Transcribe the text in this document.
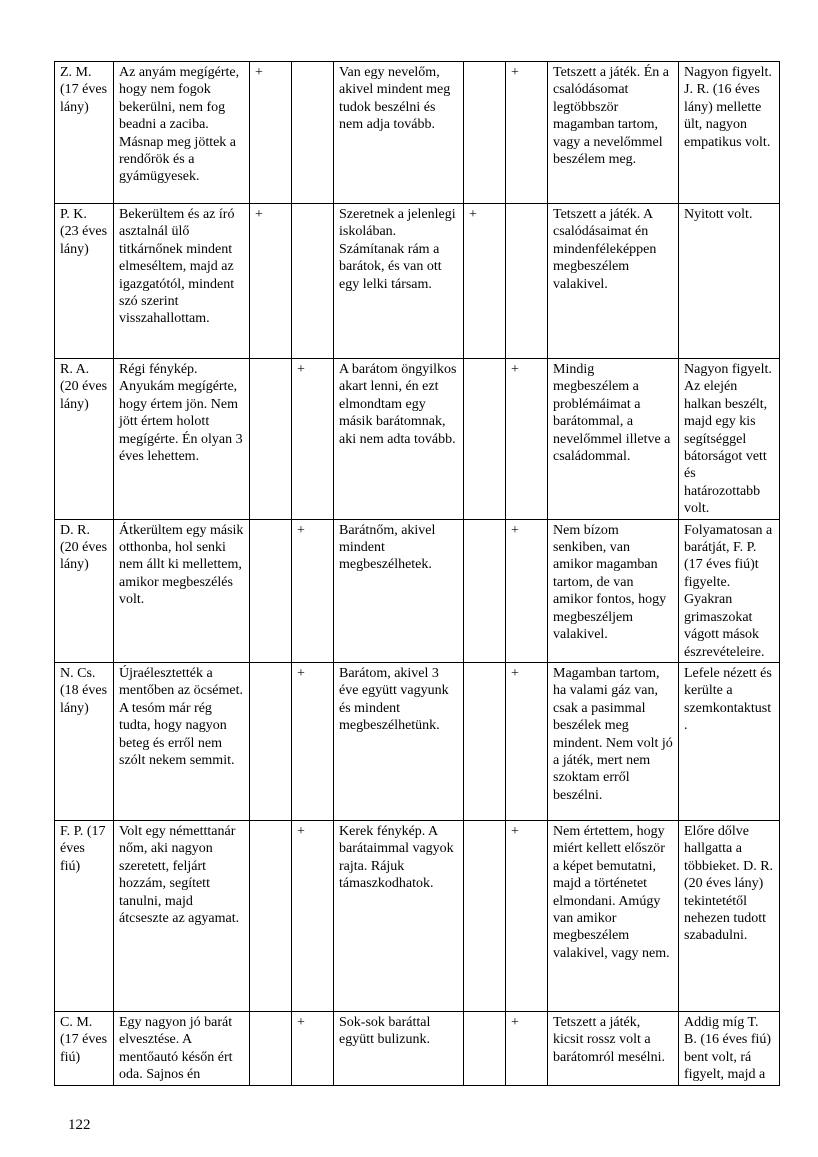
Z. M. (17 éves lány)	Az anyám megígérte, hogy nem fogok bekerülni, nem fog beadni a zaciba. Másnap meg jöttek a rendőrök és a gyámügyesek.	+		Van egy nevelőm, akivel mindent meg tudok beszélni és nem adja tovább.		+	Tetszett a játék. Én a csalódásomat legtöbbször magamban tartom, vagy a nevelőmmel beszélem meg.	Nagyon figyelt. J. R. (16 éves lány) mellette ült, nagyon empatikus volt.
P. K. (23 éves lány)	Bekerültem és az író asztalnál ülő titkárnőnek mindent elmeséltem, majd az igazgatótól, mindent szó szerint visszahallottam.	+		Szeretnek a jelenlegi iskolában. Számítanak rám a barátok, és van ott egy lelki társam.	+		Tetszett a játék. A csalódásaimat én mindenféleképpen megbeszélem valakivel.	Nyitott volt.
R. A. (20 éves lány)	Régi fénykép. Anyukám megígérte, hogy értem jön. Nem jött értem holott megígérte. Én olyan 3 éves lehettem.		+	A barátom öngyilkos akart lenni, én ezt elmondtam egy másik barátomnak, aki nem adta tovább.		+	Mindig megbeszélem a problémáimat a barátommal, a nevelőmmel illetve a családommal.	Nagyon figyelt. Az elején halkan beszélt, majd egy kis segítséggel bátorságot vett és határozottabb volt.
D. R. (20 éves lány)	Átkerültem egy másik otthonba, hol senki nem állt ki mellettem, amikor megbeszélés volt.		+	Barátnőm, akivel mindent megbeszélhetek.		+	Nem bízom senkiben, van amikor magamban tartom, de van amikor fontos, hogy megbeszéljem valakivel.	Folyamatosan a barátját, F. P. (17 éves fiú)t figyelte. Gyakran grimaszokat vágott mások észrevételeire.
N. Cs. (18 éves lány)	Újraélesztették a mentőben az öcsémet. A tesóm már rég tudta, hogy nagyon beteg és erről nem szólt nekem semmit.		+	Barátom, akivel 3 éve együtt vagyunk és mindent megbeszélhetünk.		+	Magamban tartom, ha valami gáz van, csak a pasimmal beszélek meg mindent. Nem volt jó a játék, mert nem szoktam erről beszélni.	Lefele nézett és kerülte a szemkontaktust.
F. P. (17 éves fiú)	Volt egy németttanár nőm, aki nagyon szeretett, feljárt hozzám, segített tanulni, majd átcseszte az agyamat.		+	Kerek fénykép. A barátaimmal vagyok rajta. Rájuk támaszkodhatok.		+	Nem értettem, hogy miért kellett először a képet bemutatni, majd a történetet elmondani. Amúgy van amikor megbeszélem valakivel, vagy nem.	Előre dőlve hallgatta a többieket. D. R. (20 éves lány) tekintetétől nehezen tudott szabadulni.
C. M. (17 éves fiú)	Egy nagyon jó barát elvesztése. A mentőautó későn ért oda. Sajnos én		+	Sok-sok baráttal együtt bulizunk.		+	Tetszett a játék, kicsit rossz volt a barátomról mesélni.	Addig míg T. B. (16 éves fiú) bent volt, rá figyelt, majd a
122
